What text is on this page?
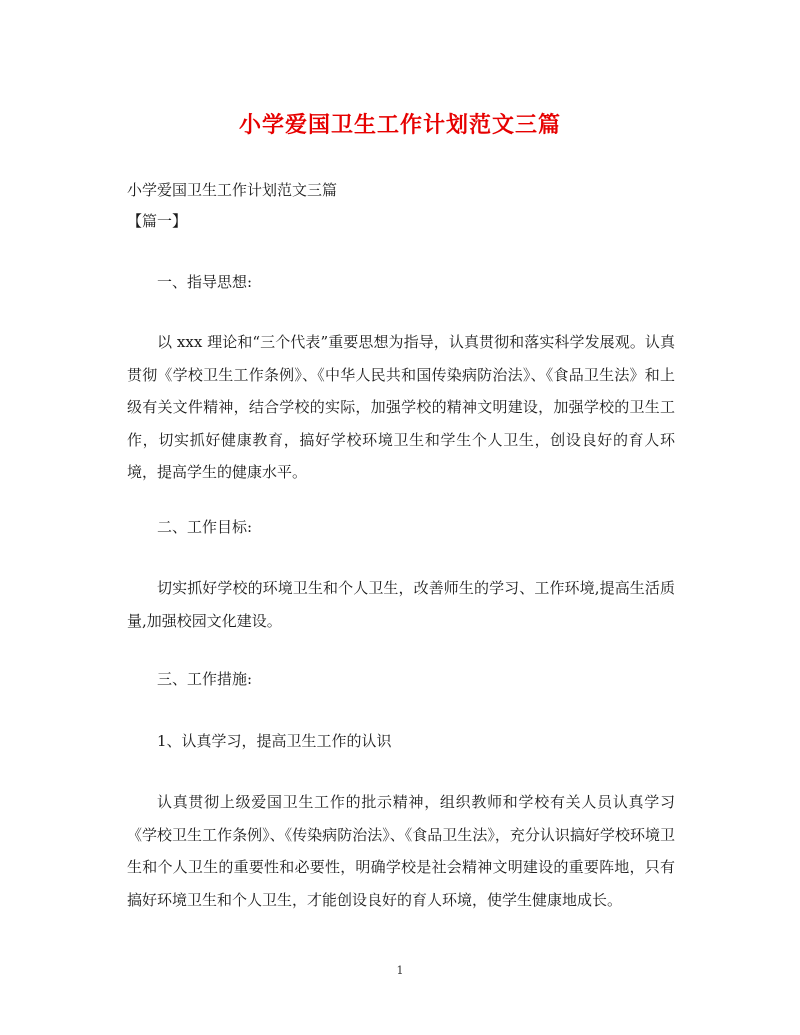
小学爱国卫生工作计划范文三篇
小学爱国卫生工作计划范文三篇
【篇一】
一、指导思想:
以 xxx 理论和“三个代表”重要思想为指导，认真贯彻和落实科学发展观。认真贯彻《学校卫生工作条例》、《中华人民共和国传染病防治法》、《食品卫生法》和上级有关文件精神，结合学校的实际，加强学校的精神文明建设，加强学校的卫生工作，切实抓好健康教育，搞好学校环境卫生和学生个人卫生，创设良好的育人环境，提高学生的健康水平。
二、工作目标:
切实抓好学校的环境卫生和个人卫生，改善师生的学习、工作环境,提高生活质量,加强校园文化建设。
三、工作措施:
1、认真学习，提高卫生工作的认识
认真贯彻上级爱国卫生工作的批示精神，组织教师和学校有关人员认真学习《学校卫生工作条例》、《传染病防治法》、《食品卫生法》，充分认识搞好学校环境卫生和个人卫生的重要性和必要性，明确学校是社会精神文明建设的重要阵地，只有搞好环境卫生和个人卫生，才能创设良好的育人环境，使学生健康地成长。
1
